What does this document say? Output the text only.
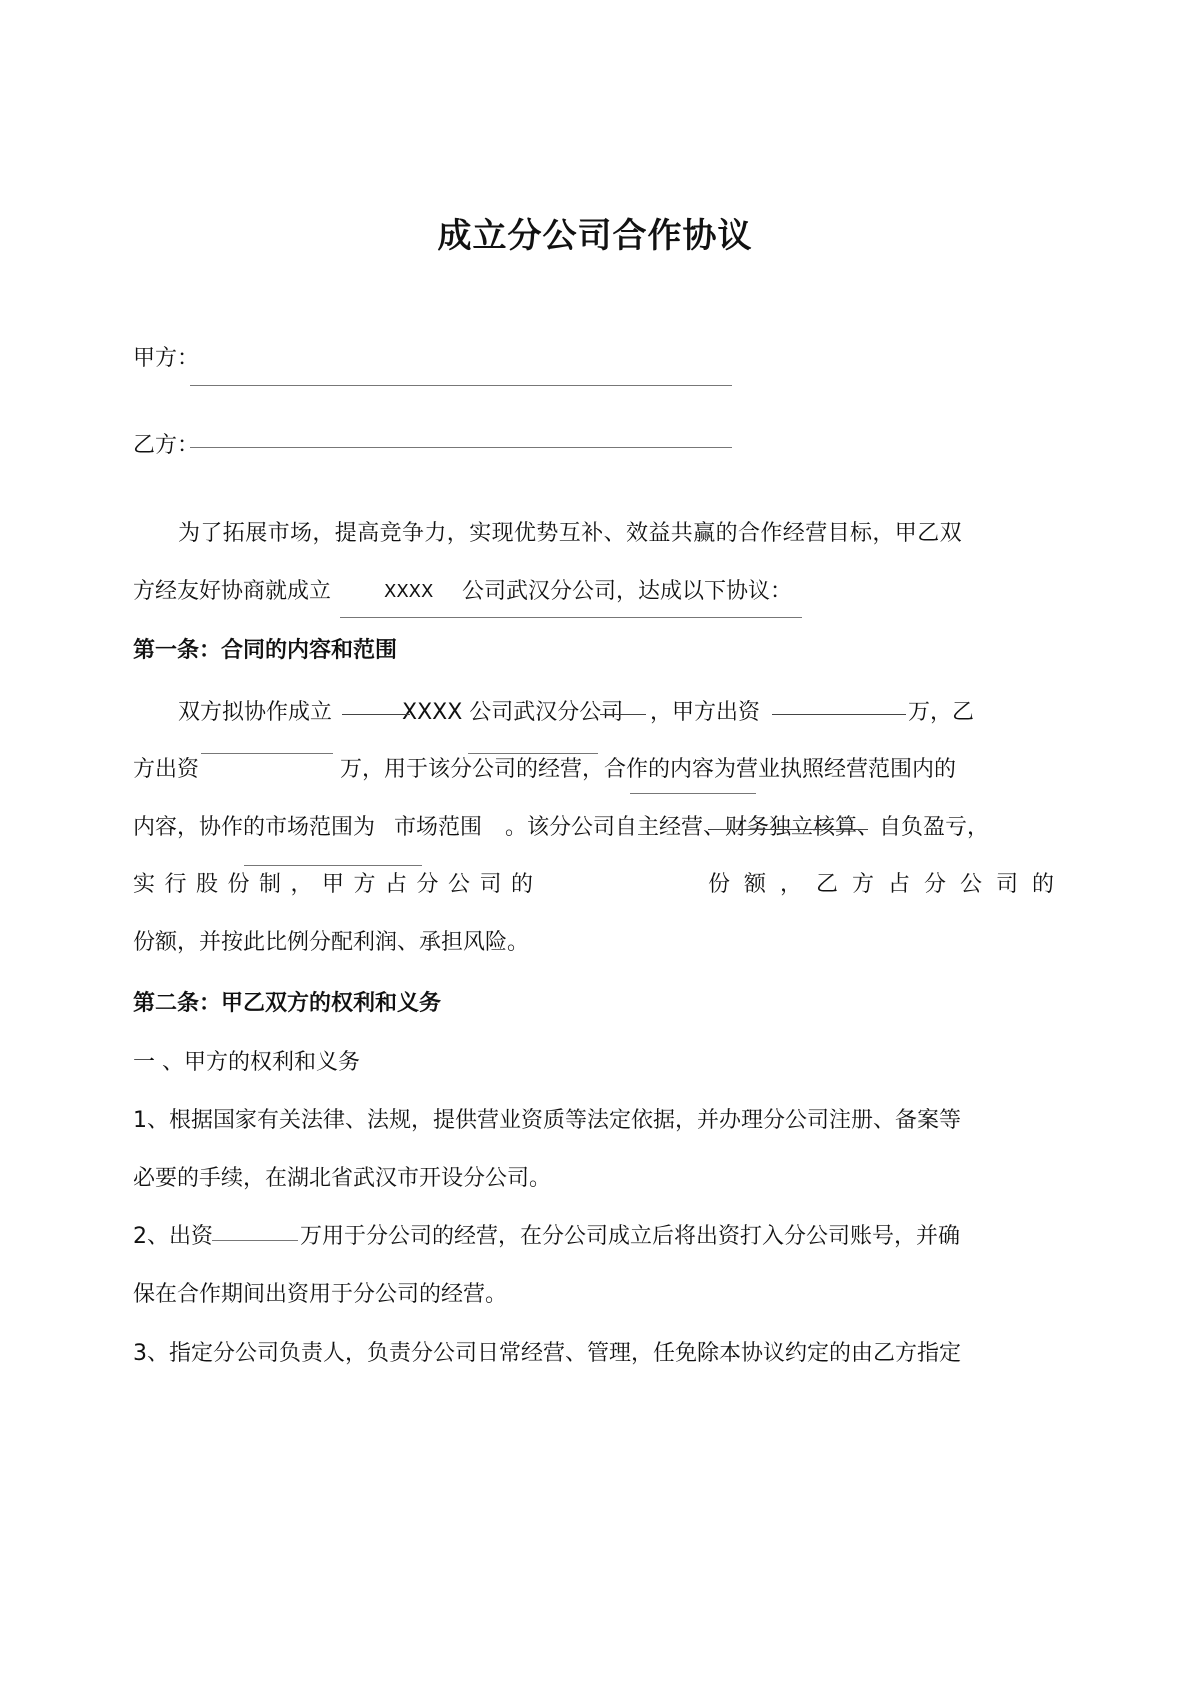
成立分公司合作协议
甲方：
乙方：
为了拓展市场，提高竞争力，实现优势互补、效益共赢的合作经营目标，甲乙双
方经友好协商就成立	XXXX 公司武汉分公司，达成以下协议：
第一条：合同的内容和范围
双方拟协作成立	XXXX 公司武汉分公司 ，甲方出资	万，乙
方出资	万，用于该分公司的经营，合作的内容为营业执照经营范围内的
内容，协作的市场范围为 市场范围 。该分公司自主经营、财务独立核算、自负盈亏，
实行股份制，甲方占分公司的	份额，乙方占分公司的
份额，并按此比例分配利润、承担风险。
第二条：甲乙双方的权利和义务
一 、甲方的权利和义务
1、根据国家有关法律、法规，提供营业资质等法定依据，并办理分公司注册、备案等
必要的手续，在湖北省武汉市开设分公司。
2、出资	万用于分公司的经营，在分公司成立后将出资打入分公司账号，并确
保在合作期间出资用于分公司的经营。
3、指定分公司负责人，负责分公司日常经营、管理，任免除本协议约定的由乙方指定
